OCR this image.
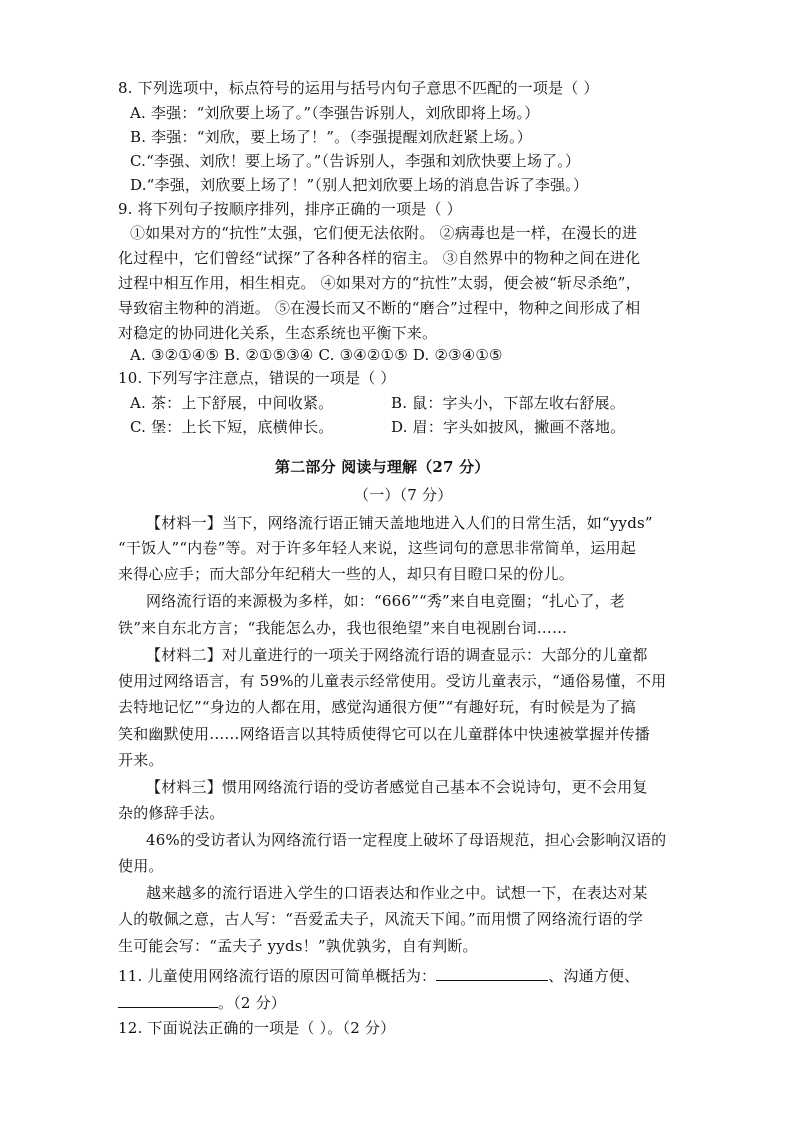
8. 下列选项中，标点符号的运用与括号内句子意思不匹配的一项是（ ）
A. 李强：“刘欣要上场了。”（李强告诉别人，刘欣即将上场。）
B. 李强：“刘欣，要上场了！”。（李强提醒刘欣赶紧上场。）
C.“李强、刘欣！要上场了。”（告诉别人，李强和刘欣快要上场了。）
D.“李强，刘欣要上场了！”（别人把刘欣要上场的消息告诉了李强。）
9. 将下列句子按顺序排列，排序正确的一项是（ ）
①如果对方的“抗性”太强，它们便无法依附。 ②病毒也是一样，在漫长的进
化过程中，它们曾经“试探”了各种各样的宿主。 ③自然界中的物种之间在进化
过程中相互作用，相生相克。 ④如果对方的“抗性”太弱，便会被“斩尽杀绝”，
导致宿主物种的消逝。 ⑤在漫长而又不断的“磨合”过程中，物种之间形成了相
对稳定的协同进化关系，生态系统也平衡下来。
A. ③②①④⑤ B. ②①⑤③④ C. ③④②①⑤ D. ②③④①⑤
10. 下列写字注意点，错误的一项是（ ）
A. 茶：上下舒展，中间收紧。	B. 鼠：字头小，下部左收右舒展。
C. 堡：上长下短，底横伸长。	D. 眉：字头如披风，撇画不落地。
第二部分 阅读与理解（27 分）
（一）（7 分）
【材料一】当下，网络流行语正铺天盖地地进入人们的日常生活，如“yyds”
“干饭人”“内卷”等。对于许多年轻人来说，这些词句的意思非常简单，运用起
来得心应手；而大部分年纪稍大一些的人，却只有目瞪口呆的份儿。
网络流行语的来源极为多样，如：“666”“秀”来自电竞圈；“扎心了，老
铁”来自东北方言；“我能怎么办，我也很绝望”来自电视剧台词……
【材料二】对儿童进行的一项关于网络流行语的调查显示：大部分的儿童都
使用过网络语言，有 59%的儿童表示经常使用。受访儿童表示，“通俗易懂，不用
去特地记忆”“身边的人都在用，感觉沟通很方便”“有趣好玩，有时候是为了搞
笑和幽默使用……网络语言以其特质使得它可以在儿童群体中快速被掌握并传播
开来。
【材料三】惯用网络流行语的受访者感觉自己基本不会说诗句，更不会用复
杂的修辞手法。
46%的受访者认为网络流行语一定程度上破坏了母语规范，担心会影响汉语的
使用。
越来越多的流行语进入学生的口语表达和作业之中。试想一下，在表达对某
人的敬佩之意，古人写：“吾爱孟夫子，风流天下闻。”而用惯了网络流行语的学
生可能会写：“孟夫子 yyds！”孰优孰劣，自有判断。
11. 儿童使用网络流行语的原因可简单概括为：	、沟通方便、
。（2 分）
12. 下面说法正确的一项是（ ）。（2 分）
